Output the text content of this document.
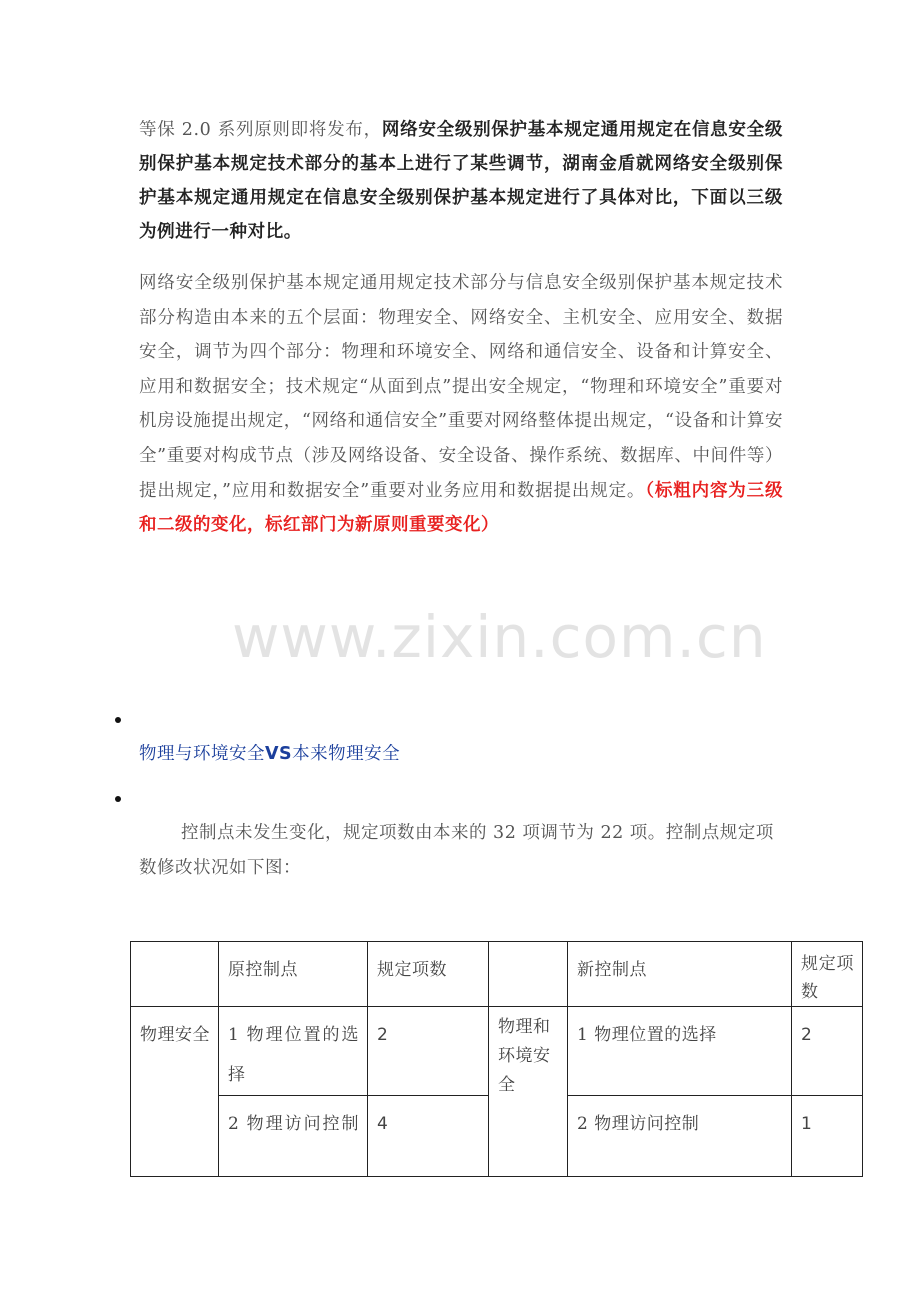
等保 2.0 系列原则即将发布，网络安全级别保护基本规定通用规定在信息安全级别保护基本规定技术部分的基本上进行了某些调节，湖南金盾就网络安全级别保护基本规定通用规定在信息安全级别保护基本规定进行了具体对比，下面以三级为例进行一种对比。
网络安全级别保护基本规定通用规定技术部分与信息安全级别保护基本规定技术部分构造由本来的五个层面：物理安全、网络安全、主机安全、应用安全、数据安全，调节为四个部分：物理和环境安全、网络和通信安全、设备和计算安全、应用和数据安全；技术规定“从面到点”提出安全规定，“物理和环境安全”重要对机房设施提出规定，“网络和通信安全”重要对网络整体提出规定，“设备和计算安全”重要对构成节点（涉及网络设备、安全设备、操作系统、数据库、中间件等）提出规定，”应用和数据安全”重要对业务应用和数据提出规定。（标粗内容为三级和二级的变化，标红部门为新原则重要变化）
www.zixin.com.cn
物理与环境安全VS本来物理安全
控制点未发生变化，规定项数由本来的 32 项调节为 22 项。控制点规定项数修改状况如下图：
	原控制点	规定项数		新控制点	规定项数
物理安全	1 物理位置的选择	2	物理和环境安全	1 物理位置的选择	2
	2 物理访问控制	4		2 物理访问控制	1
